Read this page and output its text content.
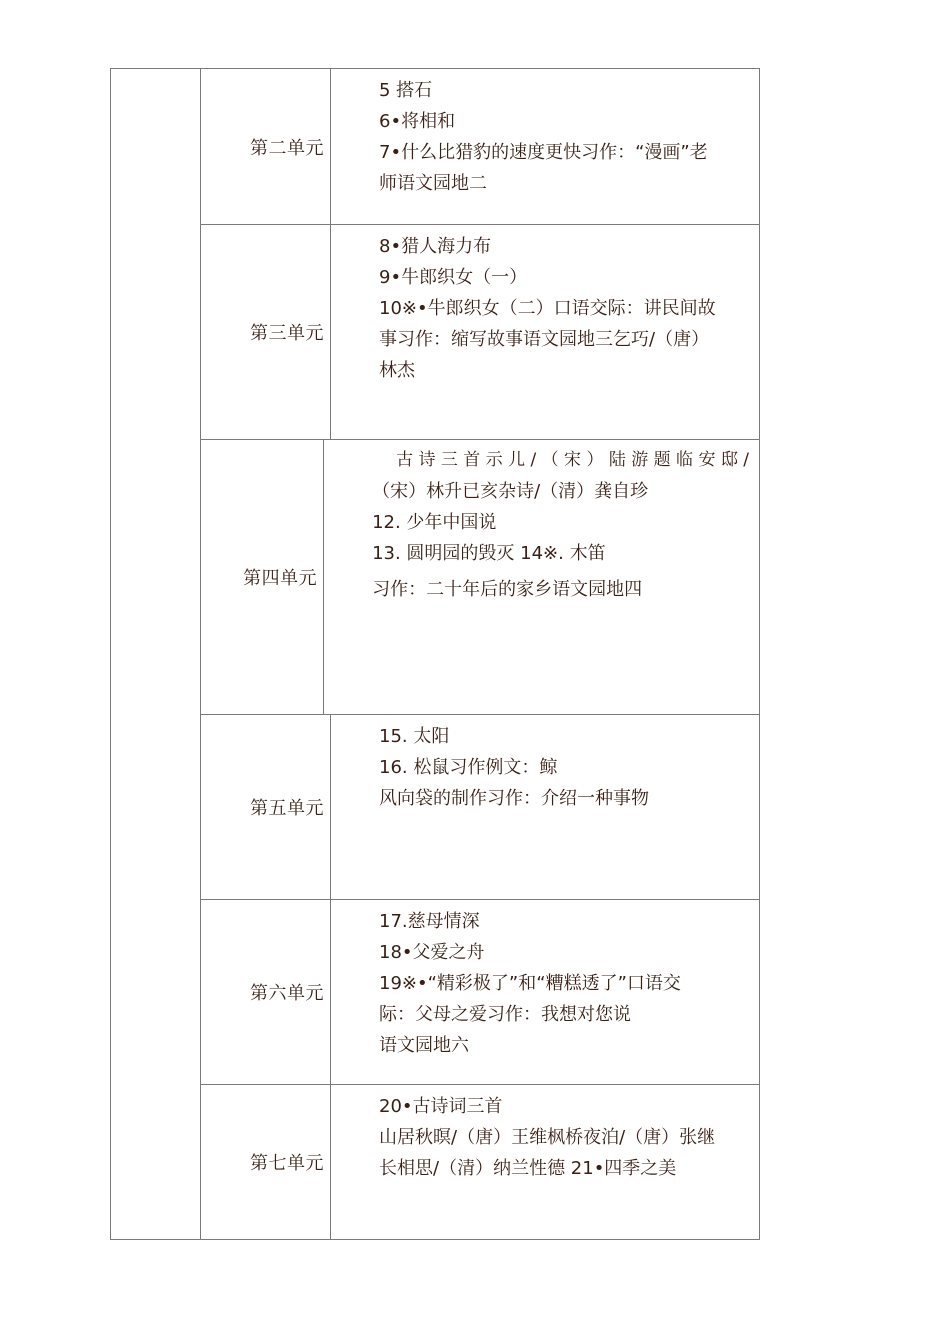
第二单元
5 搭石
6•将相和
7•什么比猎豹的速度更快习作：“漫画”老
师语文园地二
第三单元
8•猎人海力布
9•牛郎织女（一）
10※•牛郎织女（二）口语交际：讲民间故
事习作：缩写故事语文园地三乞巧/（唐）
林杰
第四单元
古 诗 三 首 示 儿 / （ 宋 ） 陆 游 题 临 安 邸 /
（宋）林升已亥杂诗/（清）龚自珍
12. 少年中国说
13. 圆明园的毁灭 14※. 木笛
习作：二十年后的家乡语文园地四
第五单元
15. 太阳
16. 松鼠习作例文：鲸
风向袋的制作习作：介绍一种事物
第六单元
17.慈母情深
18•父爱之舟
19※•“精彩极了”和“糟糕透了”口语交
际：父母之爱习作：我想对您说
语文园地六
第七单元
20•古诗词三首
山居秋暝/（唐）王维枫桥夜泊/（唐）张继
长相思/（清）纳兰性德 21•四季之美
